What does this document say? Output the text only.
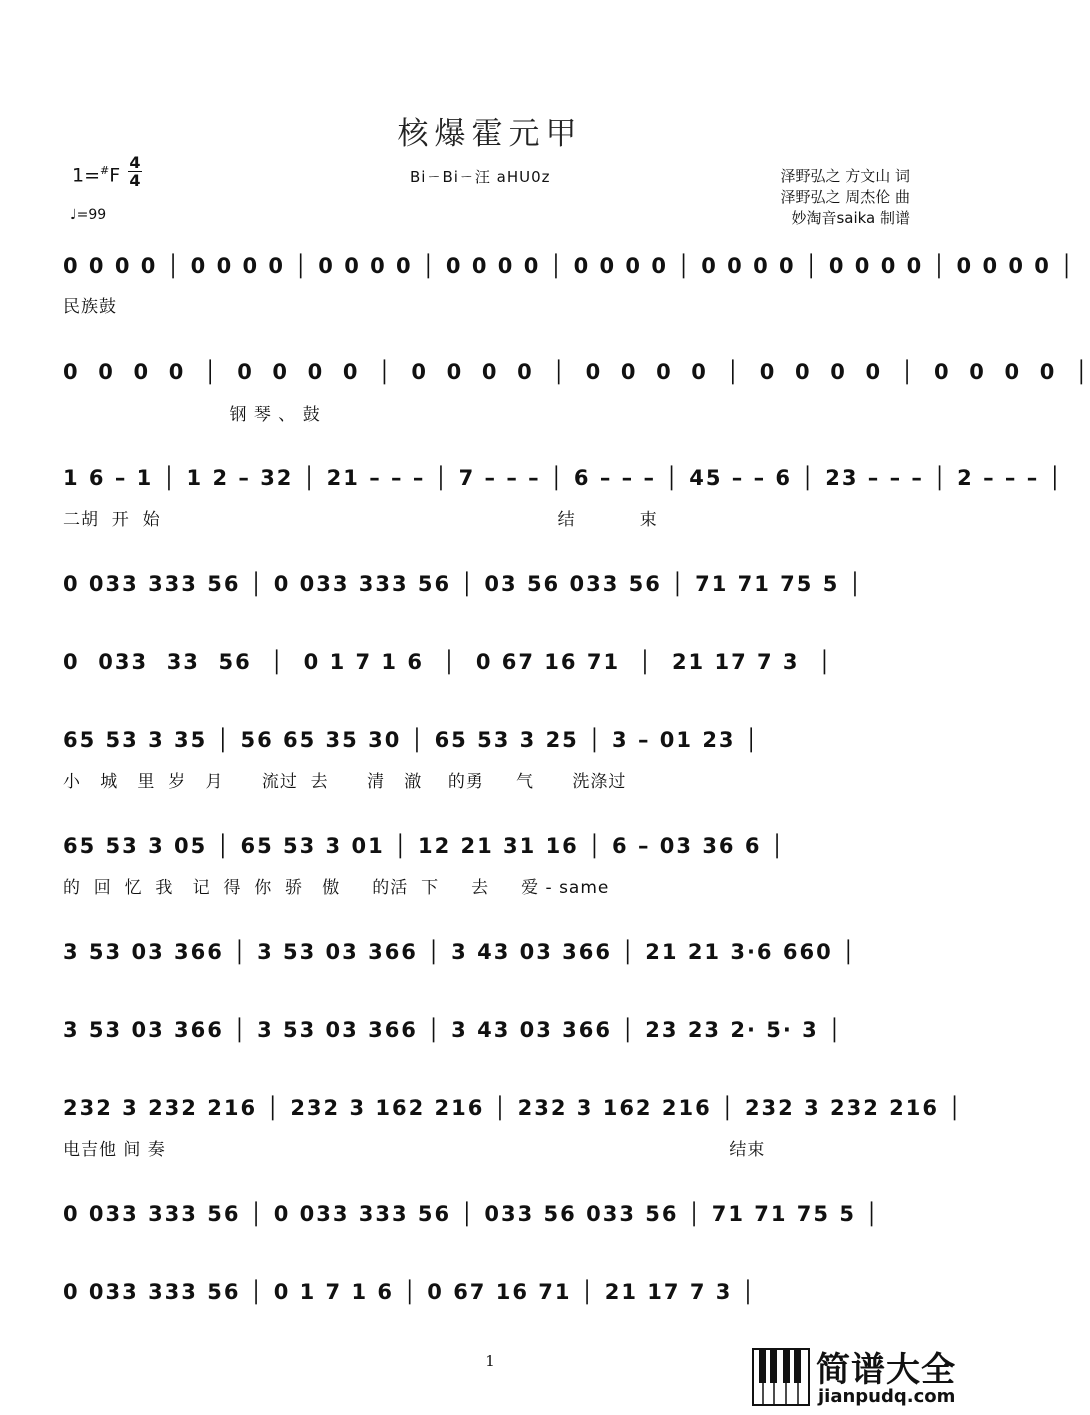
核爆霍元甲
1=#F
4
4
♩=99
BiㄧBiㄧ汪 aHU0z	泽野弘之 方文山 词
泽野弘之 周杰伦 曲
妙淘音saika 制谱
0 0 0 0 │ 0 0 0 0 │ 0 0 0 0 │ 0 0 0 0 │ 0 0 0 0 │ 0 0 0 0 │ 0 0 0 0 │ 0 0 0 0 │
民族鼓
0  0  0  0  │  0  0  0  0  │  0  0  0  0  │  0  0  0  0  │  0  0  0  0  │  0  0  0  0  │
钢 琴 、 鼓
1 6 – 1 │ 1 2 – 32 │ 21 – – – │ 7 – – – │ 6 – – – │ 45 – – 6 │ 23 – – – │ 2 – – – │
二胡  开  始                                                              结          束
0 033 333 56 │ 0 033 333 56 │ 03 56 033 56 │ 71 71 75 5 │
0  033  33  56  │  0 1 7 1 6  │  0 67 16 71  │  21 17 7 3  │
65 53 3 35 │ 56 65 35 30 │ 65 53 3 25 │ 3 – 01 23 │
小   城   里  岁   月      流过  去      清   澈    的勇     气      洗涤过
65 53 3 05 │ 65 53 3 01 │ 12 21 31 16 │ 6 – 03 36 6 │
的  回  忆  我   记  得  你  骄   傲     的活  下     去     爱 - same
3 53 03 366 │ 3 53 03 366 │ 3 43 03 366 │ 21 21 3·6 660 │
3 53 03 366 │ 3 53 03 366 │ 3 43 03 366 │ 23 23 2· 5· 3 │
232 3 232 216 │ 232 3 162 216 │ 232 3 162 216 │ 232 3 232 216 │
电吉他 间 奏                                                                                        结束
0 033 333 56 │ 0 033 333 56 │ 033 56 033 56 │ 71 71 75 5 │
0 033 333 56 │ 0 1 7 1 6 │ 0 67 16 71 │ 21 17 7 3 │
1	简谱大全
jianpudq.com
